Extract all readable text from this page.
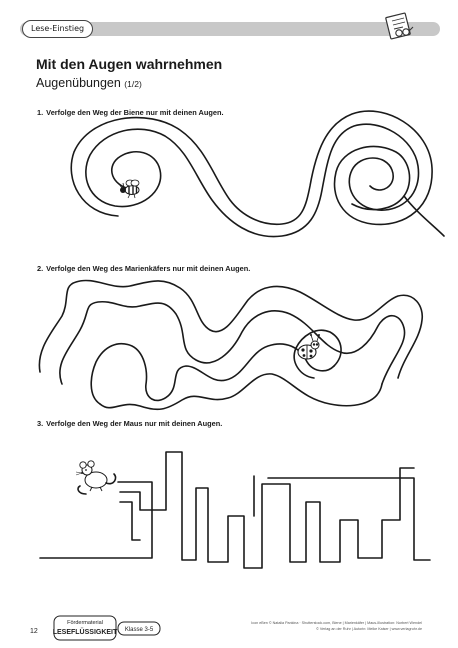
Lese-Einstieg
Mit den Augen wahrnehmen
Augenübungen (1/2)
1. Verfolge den Weg der Biene nur mit deinen Augen.
2. Verfolge den Weg des Marienkäfers nur mit deinen Augen.
3. Verfolge den Weg der Maus nur mit deinen Augen.
12
Fördermaterial
LESEFLÜSSIGKEIT Klasse 3-5
Icon eBen © Natalia Pankina · Shutterstock.com, Biene | Marienkäfer | Maus-Illustration: Norbert Wendel
© Verlag an der Ruhr | Autorin: Meike Kaiser | www.verlagruhr.de
